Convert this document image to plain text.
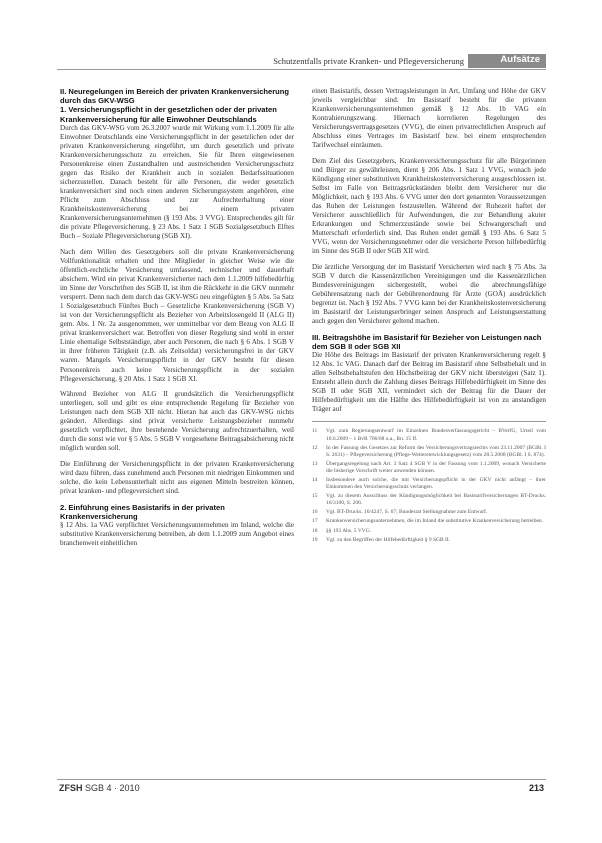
Schutzentfalls private Kranken- und Pflegeversicherung	Aufsätze
II. Neuregelungen im Bereich der privaten Krankenversicherung durch das GKV-WSG
1. Versicherungspflicht in der gesetzlichen oder der privaten Krankenversicherung für alle Einwohner Deutschlands

Durch das GKV-WSG vom 26.3.2007 wurde mit Wirkung vom 1.1.2009 für alle Einwohner Deutschlands eine Versicherungspflicht in der gesetzlichen oder der privaten Krankenversicherung eingeführt, um durch gesetzlich und private Krankenversicherungsschutz zu erreichen. Sie für Ihren eingewiesenen Personenkreise einen Zustandhalten und austreichenden Versicherungsschutz gegen das Risiko der Krankheit auch in sozialen Bedarfssituationen sicherzustellen. Danach besteht für alle Personen, die weder gesetzlich krankenversichert sind noch einen anderen Sicherungssystem angehören, eine Pflicht zum Abschluss und zur Aufrechterhaltung einer Krankheitskostenversicherung bei einem privaten Krankenversicherungsunternehmen (§ 193 Abs. 3 VVG). Entsprechendes gilt für die private Pflegeversicherung, § 23 Abs. 1 Satz 1 SGB Sozialgesetzbuch Elftes Buch – Soziale Pflegeversicherung (SGB XI).

Nach dem Willen des Gesetzgebers soll die private Krankenversicherung Vollfunktionalität erhalten und ihre Mitglieder in gleicher Weise wie die öffentlich-rechtliche Versicherung umfassend, technischer und dauerhaft absichern. Wird ein privat Krankenversicherter nach dem 1.1.2009 hilfebedürftig im Sinne der Vorschriften des SGB II, ist ihm die Rückkehr in die GKV nunmehr versperrt. Denn nach dem durch das GKV-WSG neu eingefügten § 5 Abs. 5a Satz 1 Sozialgesetzbuch Fünftes Buch – Gesetzliche Krankenversicherung (SGB V) ist von der Versicherungspflicht als Bezieher von Arbeitslosengeld II (ALG II) gem. Abs. 1 Nr. 2a ausgenommen, wer unmittelbar vor dem Bezug von ALG II privat krankenversichert war. Betroffen von dieser Regelung sind wohl in erster Linie ehemalige Selbstständige, aber auch Personen, die nach § 6 Abs. 1 SGB V in ihrer früheren Tätigkeit (z.B. als Zeitsoldat) versicherungsfrei in der GKV waren. Mangels Versicherungspflicht in der GKV besteht für diesen Personenkreis auch keine Versicherungspflicht in der sozialen Pflegeversicherung, § 20 Abs. 1 Satz 1 SGB XI.

Während Bezieher von ALG II grundsätzlich die Versicherungspflicht unterliegen, soll und gibt es eine entsprechende Regelung für Bezieher von Leistungen nach dem SGB XII nicht. Hieran hat auch das GKV-WSG nichts geändert. Allerdings sind privat versicherte Leistungsbezieher nunmehr gesetzlich verpflichtet, ihre bestehende Versicherung aufrechtzuerhalten, weil durch die sonst wie vor § 5 Abs. 5 SGB V vorgesehene Beitragsabsicherung nicht möglich wurden soll.

Die Einführung der Versicherungspflicht in der privaten Krankenversicherung wird dazu führen, dass zunehmend auch Personen mit niedrigen Einkommen und solche, die kein Lebensunterhalt nicht aus eigenen Mitteln bestreiten können, privat kranken- und pflegeversichert sind.

2. Einführung eines Basistarifs in der privaten Krankenversicherung

§ 12 Abs. 1a VAG verpflichtet Versicherungsunternehmen im Inland, welche die substitutive Krankenversicherung betreiben, ab dem 1.1.2009 zum Angebot eines branchenweit einheitlichen

einen Basistarifs, dessen Vertragsleistungen in Art, Umfang und Höhe der GKV jeweils vergleichbar sind. Im Basistarif besteht für die privaten Krankenversicherungsunternehmen gemäß § 12 Abs. 1b VAG ein Kontrahierungszwang. Hiernach korrelieren Regelungen des Versicherungsvertragsgesetzes (VVG), die einen privatrechtlichen Anspruch auf Abschluss eines Vertrages im Basistarif bzw. bei einem entsprechenden Tarifwechsel einräumen.

Dem Ziel des Gesetzgebers, Krankenversicherungsschutz für alle Bürgerinnen und Bürger zu gewährleisten, dient § 206 Abs. 1 Satz 1 VVG, wonach jede Kündigung einer substitutiven Krankheitskostenversicherung ausgeschlossen ist. Selbst im Falle von Beitragsrückständen bleibt dem Versicherer nur die Möglichkeit, nach § 193 Abs. 6 VVG unter den dort genannten Voraussetzungen das Ruhen der Leistungen festzustellen. Während der Ruhezeit haftet der Versicherer ausschließlich für Aufwendungen, die zur Behandlung akuter Erkrankungen und Schmerzzustände sowie bei Schwangerschaft und Mutterschaft erforderlich sind. Das Ruhen endet gemäß § 193 Abs. 6 Satz 5 VVG, wenn der Versicherungsnehmer oder die versicherte Person hilfebedürftig im Sinne des SGB II oder SGB XII wird.

Die ärztliche Versorgung der im Basistarif Versicherten wird nach § 75 Abs. 3a SGB V durch die Kassenärztlichen Vereinigungen und die Kassenärztlichen Bundesvereinigungen sichergestellt, wobei die abrechnungsfähige Gebührensatzung nach der Gebührenordnung für Ärzte (GOÄ) ausdrücklich begrenzt ist. Nach § 192 Abs. 7 VVG kann bei der Krankheitskostenversicherung im Basistarif der Leistungserbringer seinen Anspruch auf Leistungserstattung auch gegen den Versicherer geltend machen.

III. Beitragshöhe im Basistarif für Bezieher von Leistungen nach dem SGB II oder SGB XII

Die Höhe des Beitrags im Basistarif der privaten Krankenversicherung regelt § 12 Abs. 1c VAG. Danach darf der Beitrag im Basistarif ohne Selbstbehalt und in allen Selbstbehaltstufen den Höchstbeitrag der GKV nicht übersteigen (Satz 1). Entsteht allein durch die Zahlung dieses Beitrags Hilfebedürftigkeit im Sinne des SGB II oder SGB XII, vermindert sich der Beitrag für die Dauer der Hilfebedürftigkeit um die Hälfte des Hilfebedürftigkeit ist von zu anstandigen Träger auf

11	Vgl. zum Regierungsentwurf im Einzelnen Bundesverfassungsgericht – BVerfG, Urteil vom 10.6.2009 – 1 BvR 706/08 u.a., Rn. 15 ff.
12	In der Fassung des Gesetzes zur Reform des Versicherungsvertragsrechts vom 23.11.2007 (BGBl. I S. 2631) – Pflegeversicherung (Pflege-Weiterentwicklungsgesetz) vom 28.5.2008 (BGBl. I S. 874).
13	Übergangsregelung nach Art. 3 Satz 4 SGB V in der Fassung vom 1.1.2009, wonach Versicherte die bisherige Vorschrift weiter anwenden können.
14	Insbesondere auch solche, die mit Versicherungspflicht in der GKV nicht anfängt – ihrer Einkommen den Versicherungsschutz verlangen.
15	Vgl. zu diesem Ausschluss der Kündigungsmöglichkeit bei Basistarifversicherungen BT-Drucks. 16/3100, S. 206.
16	Vgl. BT-Drucks. 16/4247, S. 67; Bundesrat Stellungnahme zum Entwurf.
17	Krankenversicherungsunternehmen, die im Inland die substitutive Krankenversicherung betreiben.
18	§§ 193 Abs. 5 VVG.
19	Vgl. zu den Begriffen der Hilfebedürftigkeit § 9 SGB II.
ZFSH SGB 4 · 2010	213
